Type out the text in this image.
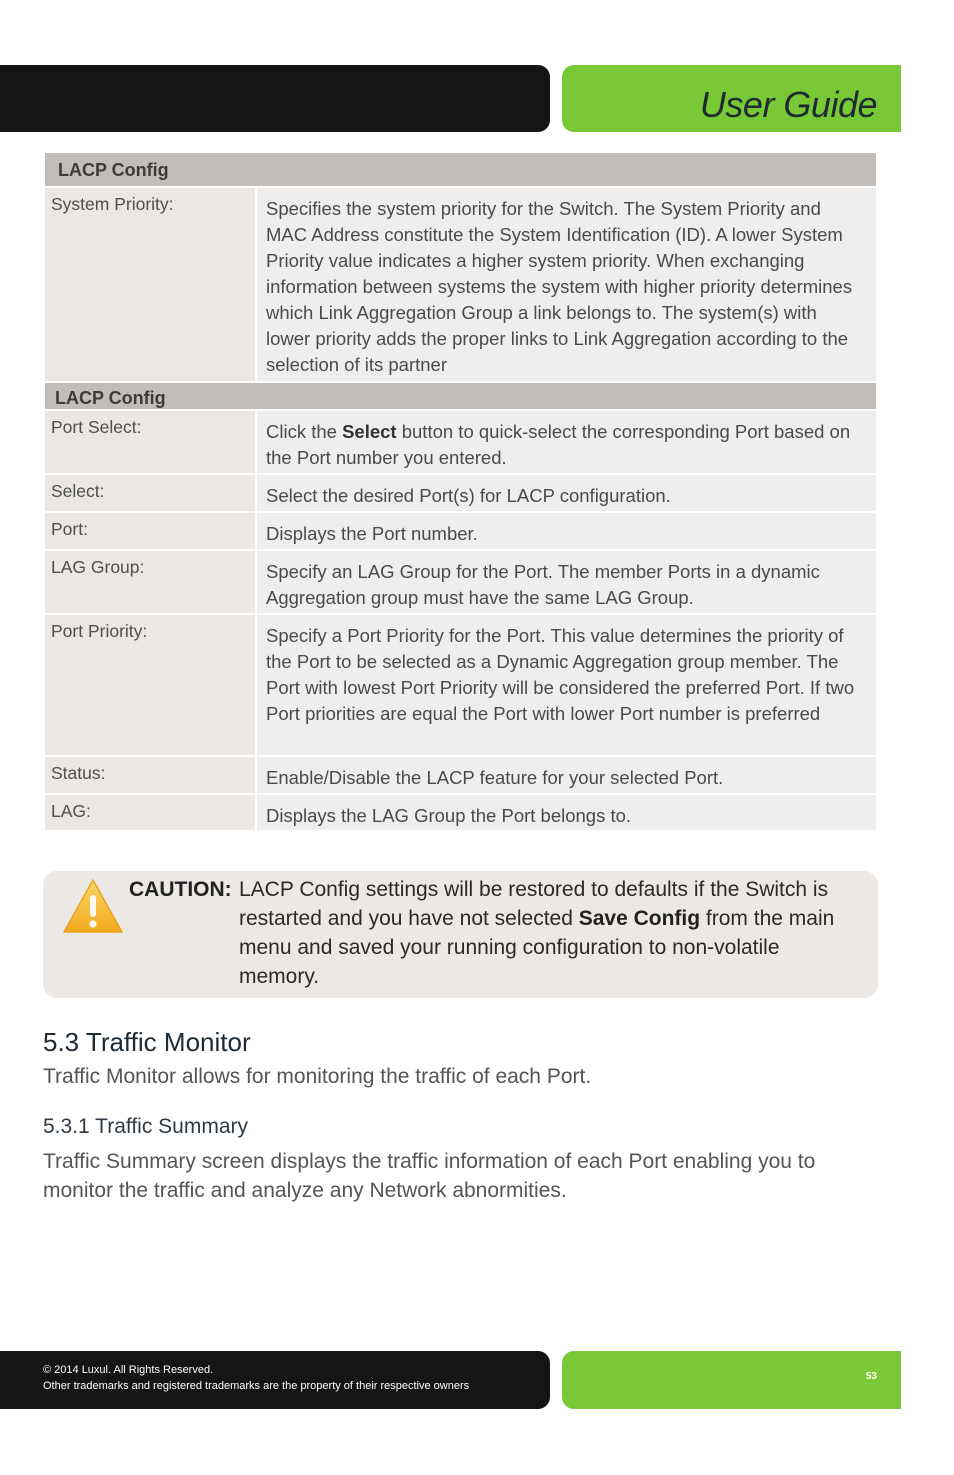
User Guide
LACP Config
System Priority:	Specifies the system priority for the Switch. The System Priority and MAC Address constitute the System Identification (ID). A lower System Priority value indicates a higher system priority. When exchanging information between systems the system with higher priority determines which Link Aggregation Group a link belongs to. The system(s) with lower priority adds the proper links to Link Aggregation according to the selection of its partner
LACP Config
Port Select:	Click the Select button to quick-select the corresponding Port based on the Port number you entered.
Select:	Select the desired Port(s) for LACP configuration.
Port:	Displays the Port number.
LAG Group:	Specify an LAG Group for the Port. The member Ports in a dynamic Aggregation group must have the same LAG Group.
Port Priority:	Specify a Port Priority for the Port. This value determines the priority of the Port to be selected as a Dynamic Aggregation group member. The Port with lowest Port Priority will be considered the preferred Port. If two Port priorities are equal the Port with lower Port number is preferred
Status:	Enable/Disable the LACP feature for your selected Port.
LAG:	Displays the LAG Group the Port belongs to.
CAUTION: LACP Config settings will be restored to defaults if the Switch is restarted and you have not selected Save Config from the main menu and saved your running configuration to non-volatile memory.
5.3 Traffic Monitor
Traffic Monitor allows for monitoring the traffic of each Port.
5.3.1 Traffic Summary
Traffic Summary screen displays the traffic information of each Port enabling you to monitor the traffic and analyze any Network abnormities.
© 2014 Luxul. All Rights Reserved.
Other trademarks and registered trademarks are the property of their respective owners
53
